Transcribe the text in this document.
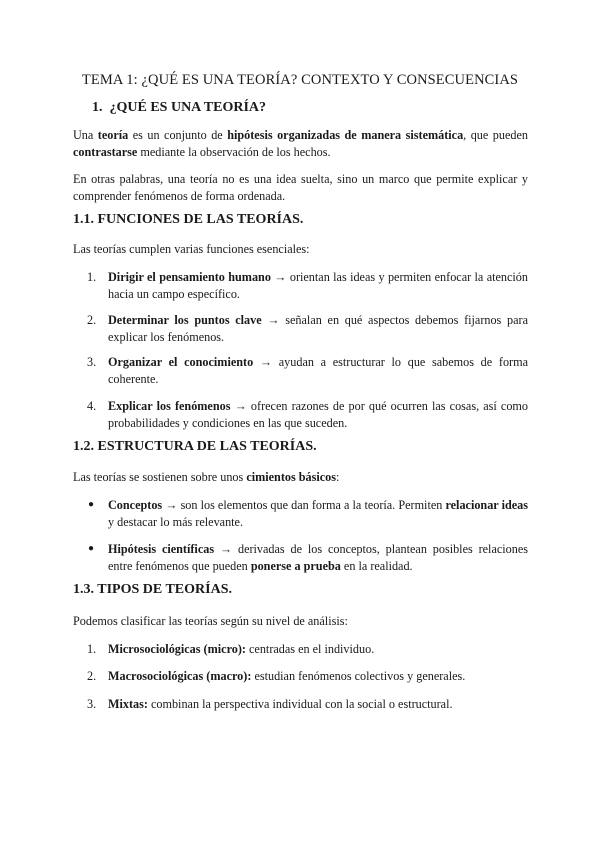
TEMA 1: ¿QUÉ ES UNA TEORÍA? CONTEXTO Y CONSECUENCIAS
1. ¿QUÉ ES UNA TEORÍA?
Una teoría es un conjunto de hipótesis organizadas de manera sistemática, que pueden contrastarse mediante la observación de los hechos.
En otras palabras, una teoría no es una idea suelta, sino un marco que permite explicar y comprender fenómenos de forma ordenada.
1.1. FUNCIONES DE LAS TEORÍAS.
Las teorías cumplen varias funciones esenciales:
1. Dirigir el pensamiento humano → orientan las ideas y permiten enfocar la atención hacia un campo específico.
2. Determinar los puntos clave → señalan en qué aspectos debemos fijarnos para explicar los fenómenos.
3. Organizar el conocimiento → ayudan a estructurar lo que sabemos de forma coherente.
4. Explicar los fenómenos → ofrecen razones de por qué ocurren las cosas, así como probabilidades y condiciones en las que suceden.
1.2. ESTRUCTURA DE LAS TEORÍAS.
Las teorías se sostienen sobre unos cimientos básicos:
● Conceptos → son los elementos que dan forma a la teoría. Permiten relacionar ideas y destacar lo más relevante.
● Hipótesis científicas → derivadas de los conceptos, plantean posibles relaciones entre fenómenos que pueden ponerse a prueba en la realidad.
1.3. TIPOS DE TEORÍAS.
Podemos clasificar las teorías según su nivel de análisis:
1. Microsociológicas (micro): centradas en el individuo.
2. Macrosociológicas (macro): estudian fenómenos colectivos y generales.
3. Mixtas: combinan la perspectiva individual con la social o estructural.
